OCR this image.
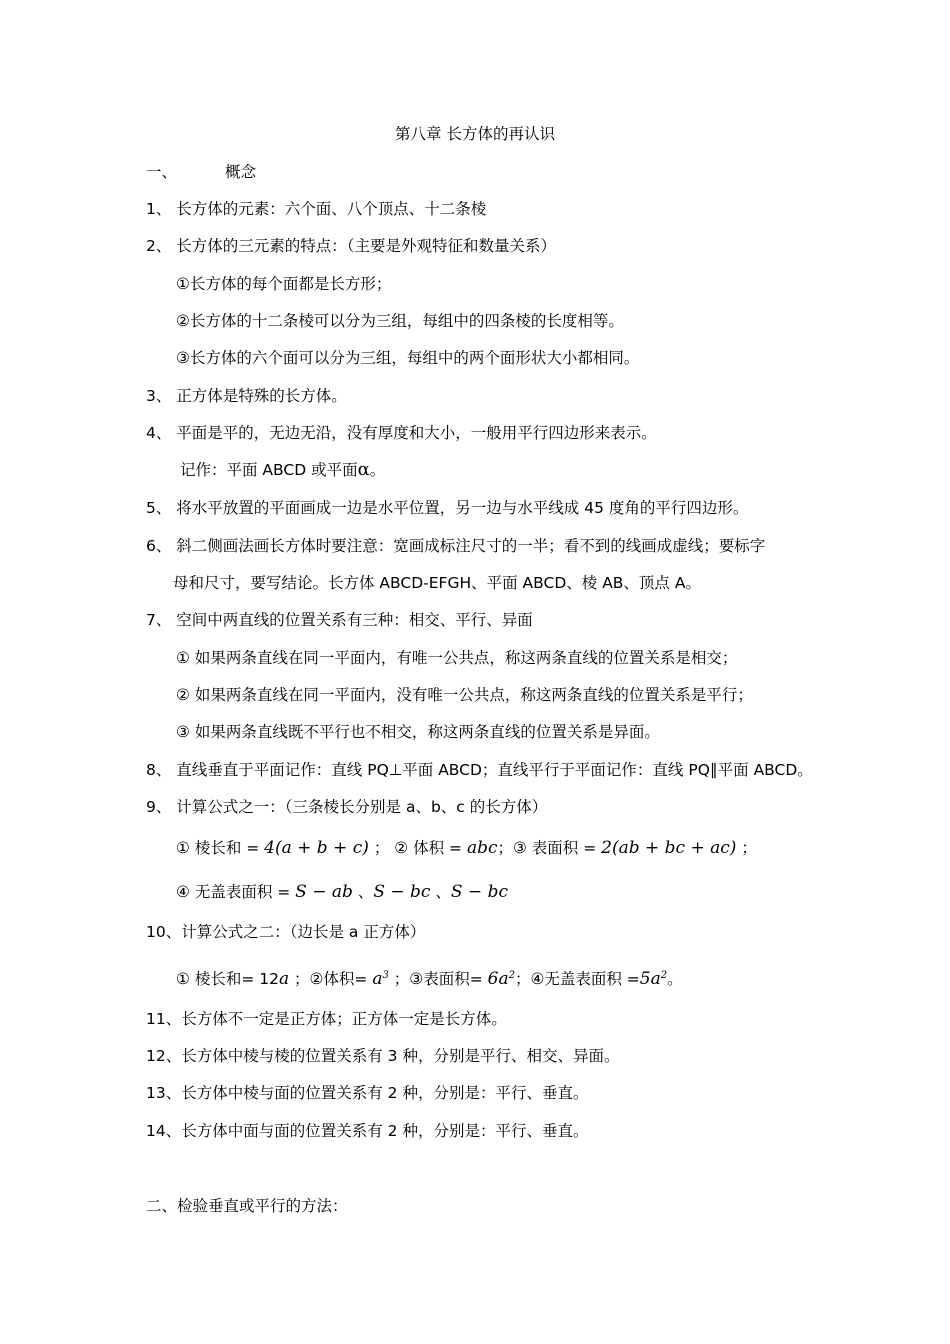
第八章 长方体的再认识
一、	概念
1、 长方体的元素：六个面、八个顶点、十二条棱
2、 长方体的三元素的特点：（主要是外观特征和数量关系）
①长方体的每个面都是长方形；
②长方体的十二条棱可以分为三组，每组中的四条棱的长度相等。
③长方体的六个面可以分为三组，每组中的两个面形状大小都相同。
3、 正方体是特殊的长方体。
4、 平面是平的，无边无沿，没有厚度和大小，一般用平行四边形来表示。
记作：平面 ABCD 或平面α。
5、 将水平放置的平面画成一边是水平位置，另一边与水平线成 45 度角的平行四边形。
6、 斜二侧画法画长方体时要注意：宽画成标注尺寸的一半；看不到的线画成虚线；要标字
母和尺寸，要写结论。长方体 ABCD-EFGH、平面 ABCD、棱 AB、顶点 A。
7、 空间中两直线的位置关系有三种：相交、平行、异面
① 如果两条直线在同一平面内，有唯一公共点，称这两条直线的位置关系是相交；
② 如果两条直线在同一平面内，没有唯一公共点，称这两条直线的位置关系是平行；
③ 如果两条直线既不平行也不相交，称这两条直线的位置关系是异面。
8、 直线垂直于平面记作：直线 PQ⊥平面 ABCD；直线平行于平面记作：直线 PQ∥平面 ABCD。
9、 计算公式之一：（三条棱长分别是 a、b、c 的长方体）
① 棱长和 = 4(a + b + c) ； ② 体积 = abc；③ 表面积 = 2(ab + bc + ac) ；
④ 无盖表面积 = S − ab 、S − bc 、S − bc
10、计算公式之二：（边长是 a 正方体）
① 棱长和= 12a ；②体积= $a^3$ ；③表面积= $6a^2$；④无盖表面积 $=5a^2$。
11、长方体不一定是正方体；正方体一定是长方体。
12、长方体中棱与棱的位置关系有 3 种，分别是平行、相交、异面。
13、长方体中棱与面的位置关系有 2 种，分别是：平行、垂直。
14、长方体中面与面的位置关系有 2 种，分别是：平行、垂直。
二、检验垂直或平行的方法：
